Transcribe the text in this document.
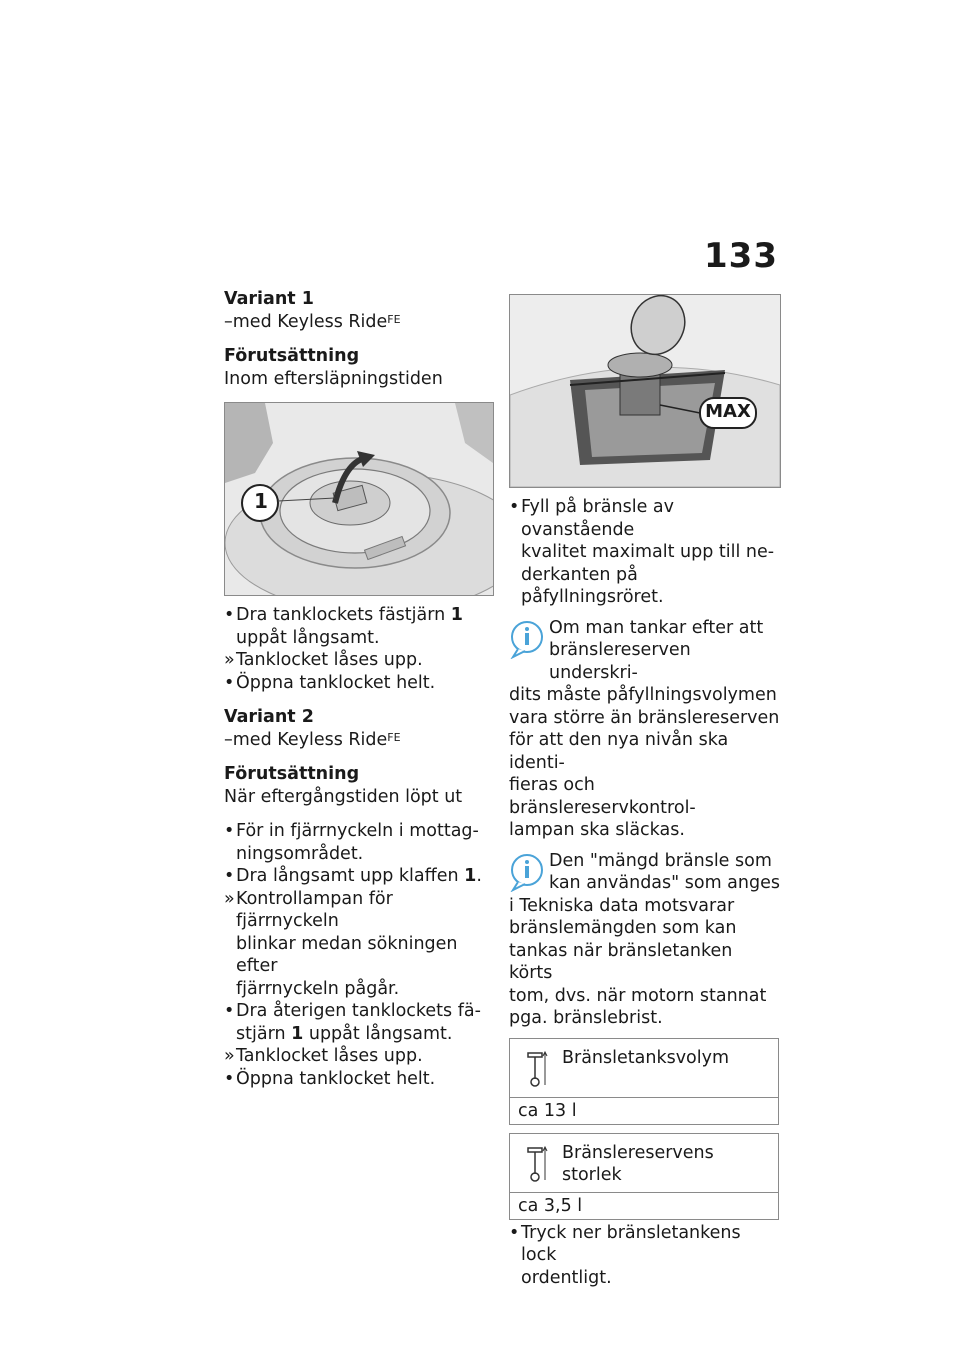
133

Variant 1

–med Keyless Ride$^{FE}$

Förutsättning

Inom eftersläpningstiden

1
• Dra tanklockets fästjärn 1
uppåt långsamt.
» Tanklocket låses upp.
• Öppna tanklocket helt.

Variant 2

–med Keyless Ride$^{FE}$

Förutsättning

När eftergångstiden löpt ut

• För in fjärrnyckeln i mottag-
ningsområdet.
• Dra långsamt upp klaffen 1.
» Kontrollampan för fjärrnyckeln
blinkar medan sökningen efter
fjärrnyckeln pågår.
• Dra återigen tanklockets fä-
stjärn 1 uppåt långsamt.
» Tanklocket låses upp.
• Öppna tanklocket helt.
MAX
• Fyll på bränsle av ovanstående
kvalitet maximalt upp till ne-
derkanten på påfyllningsröret.
Om man tankar efter att
bränslereserven underskri-
dits måste påfyllningsvolymen
vara större än bränslereserven
för att den nya nivån ska identi-
fieras och bränslereservkontrol-
lampan ska släckas.
Den "mängd bränsle som
kan användas" som anges
i Tekniska data motsvarar
bränslemängden som kan
tankas när bränsletanken körts
tom, dvs. när motorn stannat
pga. bränslebrist.
Bränsletanksvolym
ca 13 l
Bränslereservens storlek
ca 3,5 l
• Tryck ner bränsletankens lock
ordentligt.
